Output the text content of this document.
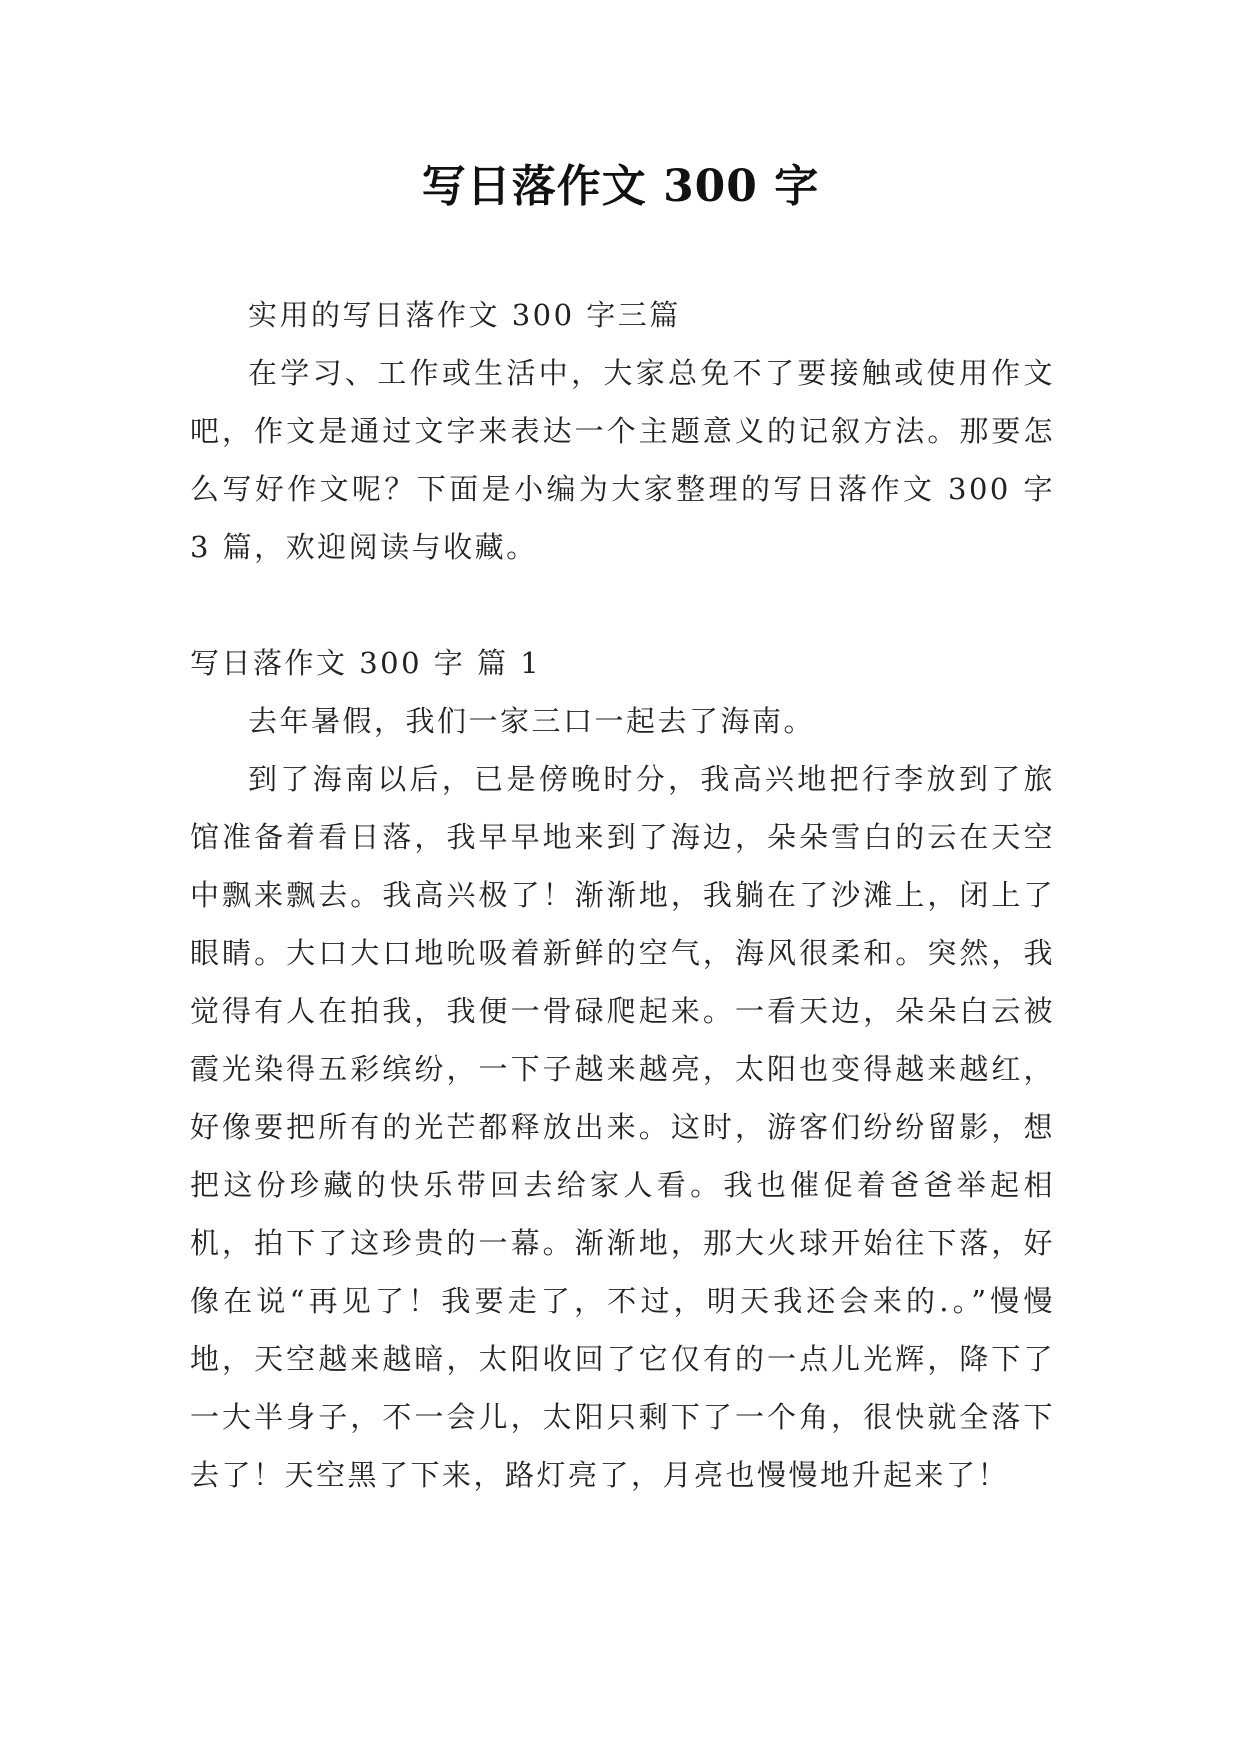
写日落作文 300 字

实用的写日落作文 300 字三篇

在学习、工作或生活中，大家总免不了要接触或使用作文吧，作文是通过文字来表达一个主题意义的记叙方法。那要怎么写好作文呢？下面是小编为大家整理的写日落作文 300 字 3 篇，欢迎阅读与收藏。

写日落作文 300 字 篇 1

去年暑假，我们一家三口一起去了海南。

到了海南以后，已是傍晚时分，我高兴地把行李放到了旅馆准备着看日落，我早早地来到了海边，朵朵雪白的云在天空中飘来飘去。我高兴极了！渐渐地，我躺在了沙滩上，闭上了眼睛。大口大口地吮吸着新鲜的空气，海风很柔和。突然，我觉得有人在拍我，我便一骨碌爬起来。一看天边，朵朵白云被霞光染得五彩缤纷，一下子越来越亮，太阳也变得越来越红，好像要把所有的光芒都释放出来。这时，游客们纷纷留影，想把这份珍藏的快乐带回去给家人看。我也催促着爸爸举起相机，拍下了这珍贵的一幕。渐渐地，那大火球开始往下落，好像在说“再见了！我要走了，不过，明天我还会来的.。”慢慢地，天空越来越暗，太阳收回了它仅有的一点儿光辉，降下了一大半身子，不一会儿，太阳只剩下了一个角，很快就全落下去了！天空黑了下来，路灯亮了，月亮也慢慢地升起来了！
